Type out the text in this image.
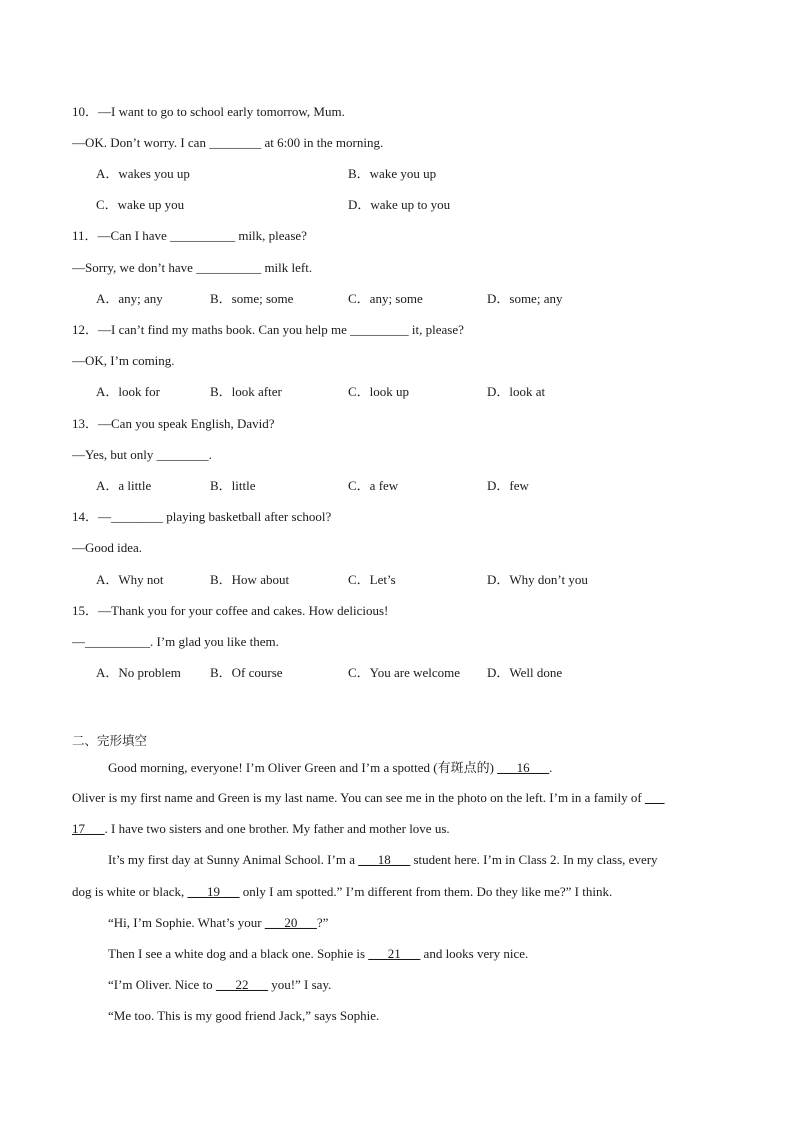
10．—I want to go to school early tomorrow, Mum.
—OK. Don’t worry. I can ________ at 6:00 in the morning.
A．wakes you up	B．wake you up
C．wake up you	D．wake up to you
11．—Can I have __________ milk, please?
—Sorry, we don’t have __________ milk left.
A．any; any	B．some; some	C．any; some	D．some; any
12．—I can’t find my maths book. Can you help me _________ it, please?
—OK, I’m coming.
A．look for	B．look after	C．look up	D．look at
13．—Can you speak English, David?
—Yes, but only ________.
A．a little	B．little	C．a few	D．few
14．—________ playing basketball after school?
—Good idea.
A．Why not	B．How about	C．Let’s	D．Why don’t you
15．—Thank you for your coffee and cakes. How delicious!
—__________. I’m glad you like them.
A．No problem B．Of course	C．You are welcome D．Well done
二、完形填空
Good morning, everyone! I’m Oliver Green and I’m a spotted (有斑点的) ___16___.
Oliver is my first name and Green is my last name. You can see me in the photo on the left. I’m in a family of ___
17___. I have two sisters and one brother. My father and mother love us.
It’s my first day at Sunny Animal School. I’m a ___18___ student here. I’m in Class 2. In my class, every
dog is white or black, ___19___ only I am spotted.” I’m different from them. Do they like me?” I think.
“Hi, I’m Sophie. What’s your ___20___?”
Then I see a white dog and a black one. Sophie is ___21___ and looks very nice.
“I’m Oliver. Nice to ___22___ you!” I say.
“Me too. This is my good friend Jack,” says Sophie.
